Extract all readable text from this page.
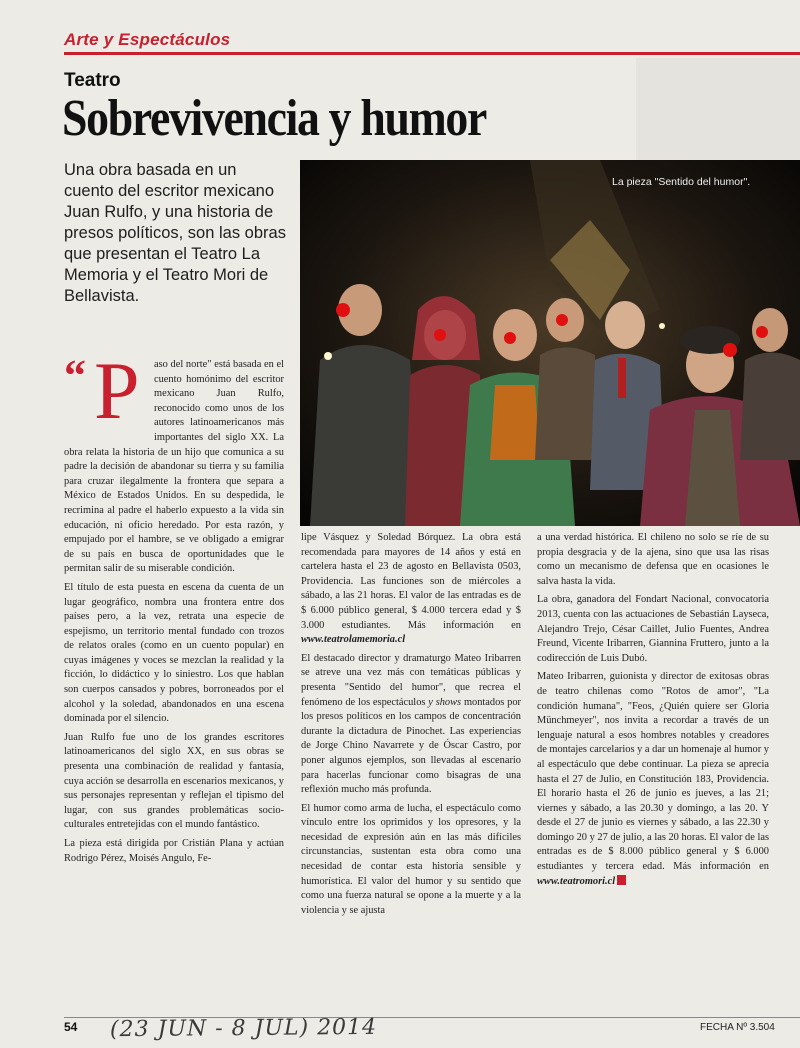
Arte y Espectáculos
Teatro
Sobrevivencia y humor
Una obra basada en un cuento del escritor mexicano Juan Rulfo, y una historia de presos políticos, son las obras que presentan el Teatro La Memoria y el Teatro Mori de Bellavista.
La pieza "Sentido del humor".

“ P aso del norte" está basada en el cuento homónimo del escritor mexicano Juan Rulfo, reconocido como unos de los autores latinoamericanos más importantes del siglo XX. La obra relata la historia de un hijo que comunica a su padre la decisión de abandonar su tierra y su familia para cruzar ilegalmente la frontera que separa a México de Estados Unidos. En su despedida, le recrimina al padre el haberlo expuesto a la vida sin educación, ni oficio heredado. Por esta razón, y empujado por el hambre, se ve obligado a emigrar de su país en busca de oportunidades que le permitan salir de su miserable condición.

El título de esta puesta en escena da cuenta de un lugar geográfico, nombra una frontera entre dos países pero, a la vez, retrata una especie de espejismo, un territorio mental fundado con trozos de relatos orales (como en un cuento popular) en cuyas imágenes y voces se mezclan la realidad y la ficción, lo didáctico y lo siniestro. Los que hablan son cuerpos cansados y pobres, borroneados por el alcohol y la soledad, abandonados en una escena dominada por el silencio.

Juan Rulfo fue uno de los grandes escritores latinoamericanos del siglo XX, en sus obras se presenta una combinación de realidad y fantasía, cuya acción se desarrolla en escenarios mexicanos, y sus personajes representan y reflejan el tipismo del lugar, con sus grandes problemáticas socio-culturales entretejidas con el mundo fantástico.

La pieza está dirigida por Cristián Plana y actúan Rodrigo Pérez, Moisés Angulo, Fe-

lipe Vásquez y Soledad Bórquez. La obra está recomendada para mayores de 14 años y está en cartelera hasta el 23 de agosto en Bellavista 0503, Providencia. Las funciones son de miércoles a sábado, a las 21 horas. El valor de las entradas es de $ 6.000 público general, $ 4.000 tercera edad y $ 3.000 estudiantes. Más información en www.teatrolamemoria.cl

El destacado director y dramaturgo Mateo Iribarren se atreve una vez más con temáticas públicas y presenta "Sentido del humor", que recrea el fenómeno de los espectáculos y shows montados por los presos políticos en los campos de concentración durante la dictadura de Pinochet. Las experiencias de Jorge Chino Navarrete y de Óscar Castro, por poner algunos ejemplos, son llevadas al escenario para hacerlas funcionar como bisagras de una reflexión mucho más profunda.

El humor como arma de lucha, el espectáculo como vínculo entre los oprimidos y los opresores, y la necesidad de expresión aún en las más difíciles circunstancias, sustentan esta obra como una necesidad de contar esta historia sensible y humorística. El valor del humor y su sentido que como una fuerza natural se opone a la muerte y a la violencia y se ajusta

a una verdad histórica. El chileno no solo se ríe de su propia desgracia y de la ajena, sino que usa las risas como un mecanismo de defensa que en ocasiones le salva hasta la vida.

La obra, ganadora del Fondart Nacional, convocatoria 2013, cuenta con las actuaciones de Sebastián Layseca, Alejandro Trejo, César Caillet, Julio Fuentes, Andrea Freund, Vicente Iribarren, Giannina Fruttero, junto a la codirección de Luis Dubó.

Mateo Iribarren, guionista y director de exitosas obras de teatro chilenas como "Rotos de amor", "La condición humana", "Feos, ¿Quién quiere ser Gloria Münchmeyer", nos invita a recordar a través de un lenguaje natural a esos hombres notables y creadores de montajes carcelarios y a dar un homenaje al humor y al espectáculo que debe continuar. La pieza se aprecia hasta el 27 de Julio, en Constitución 183, Providencia. El horario hasta el 26 de junio es jueves, a las 21; viernes y sábado, a las 20.30 y domingo, a las 20. Y desde el 27 de junio es viernes y sábado, a las 22.30 y domingo 20 y 27 de julio, a las 20 horas. El valor de las entradas es de $ 8.000 público general y $ 6.000 estudiantes y tercera edad. Más información en www.teatromori.cl

54 (23 JUN - 8 JUL) 2014	FECHA Nº 3.504
